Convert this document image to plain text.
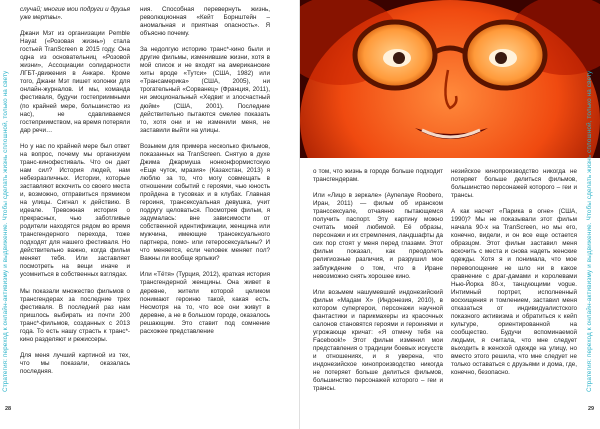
случай; многие мои подруги и друзья уже мертвы».

Джани Мэт из организации Pemble Hayat («Розовая жизнь») стала гостьей TranScreen в 2015 году. Она одна из основательниц «Розовой жизни», Ассоциации солидарности ЛГБТ-движения в Анкаре. Кроме того, Джани Мэт пишет колонки для онлайн-журналов. И мы, команда фестиваля, будучи гостеприимными (по крайней мере, большинство из нас), не сдавливаемся гостеприимством, на время потеряли дар речи…

Но у нас по крайней мере был ответ на вопрос, почему мы организуем транс-кинофестиваль. Что он дает нам сил? История людей, нам небезразличных. Истории, которые заставляют вскочить со своего места и, возможно, отправиться прямиком на улицы. Сигнал к действию. В идеале. Тревожная история о прекрасных, чью заботливые родители находятся рядом во время трансгендерного перехода, тоже подходят для нашего фестиваля. Но действительно важно, когда фильм меняет тебя. Или заставляет посмотреть на вещи иначе и усомниться в собственных взглядах.

Мы показали множество фильмов о трансгендерах за последние трех фестиваля. В последний раз нам пришлось выбирать из почти 200 транс*-фильмов, созданных с 2013 года. То есть нашу страсть к транс*-кино разделяют и режиссеры.

Для меня лучший картиной из тех, что мы показали, оказалась последняя.

ния. Способная перевернуть жизнь, революционная «Кейт Борнштейн – аномальная и приятная опасность». Я объясню почему.

За недолгую историю транс*-кино были и другие фильмы, изменившие жизни, хотя в мой список и не входят на американские хиты вроде «Тутси» (США, 1982) или «Трансамерика» (США, 2005), ни трогательный «Сорванец» (Франция, 2011), ни эмоциональный «Хедвиг и злосчастный дюйм» (США, 2001). Последние действительно пытаются смелее показать то, хотя они и не изменили меня, не заставили выйти на улицы.

Возьмем для примера несколько фильмов, показанных на TranScreen. Снятую в духе Джима Джармуша нонконформистскую «Еще чуток, мразия» (Казахстан, 2013) я люблю за то, что могу совмещать в отношении событий с героями, чью юность пройдена в тусовках и в клубах. Главная героиня, трансексуальная девушка, учит подругу целоваться. Посмотрев фильм, я задумалась: вне зависимости от собственной идентификации, женщина или мужчина, имеющие трансексуального партнера, помо- или гетеросексуальны? И что меняется, если человек меняет пол? Важны ли вообще ярлыки?

Или «Тётя» (Турция, 2012), краткая история трансгендерной женщины. Она живет в деревне, жители которой целиком понимают героиню такой, какая есть. Несмотря на то, что все они живут в деревне, а не в большом городе, оказалось решающим. Это ставит под сомнение расхожее представление

Стратегия: переход к онлайн-активизму и выдвижение. Чтобы сделать жизнь сплошной, только на свету
28

о том, что жизнь в городе больше подходит трансгендерам.

Или «Лицо в зеркале» (Аупелауе Roobero, Иран, 2011) — фильм об иранском транссексуале, отчаянно пытающемся получить паспорт. Эту картину можно считать моей любимой. Её образы, персонажи и их стремления, ландшафты да сих пор стоят у меня перед глазами. Этот фильм показал, как преодолеть религиозные различия, и разрушил мое заблуждение о том, что в Иране невозможно снять хорошее кино.

Или возьмем нашумевший индонезийский фильм «Мадам Х» (Индонезия, 2010), в котором супергерои, персонажи научной фантастики и парикмахеры из красочных салонов становятся героями и героинями и угрожающе кричат: «Я отмечу тебя на Facebook!» Этот фильм изменил мои представления о традиции боевых искусств и отношениях, и я уверена, что индонезийское кинопроизводство никогда не потеряет больше делиться фильмов, большинство персонажей которого – геи и трансы.

незийское кинопроизводство никогда не потеряет больше делиться фильмов, большинство персонажей которого – геи и трансы.

А как насчет «Парика в огне» (США, 1990)? Мы не показывали этот фильм начала 90-х на TranScreen, но мы его, конечно, видели, и он все еще остается образцом. Этот фильм заставил меня вскочить с места и снова надеть женские одежды. Хотя я и понимала, что мое переволощение не шло ни в какое сравнение с драг-дамами и королевами Нью-Йорка 80-х, танцующими vogue. Интимный портрет, исполненный восхищения и томлением, заставил меня отказаться от индивидуалистского показного активизма и обратиться к кейп культуре, ориентированной на сообщество. Будучи вспоминаемой людьми, я считала, что мне следует выходить в женской одежде на улицу, но вместо этого решила, что мне следует не только оставаться с друзьями и дома, где, конечно, безопасно.	Стратегия: переход к онлайн-активизму и выдвижение. Чтобы сделать жизнь сплошной, только на свету
29
